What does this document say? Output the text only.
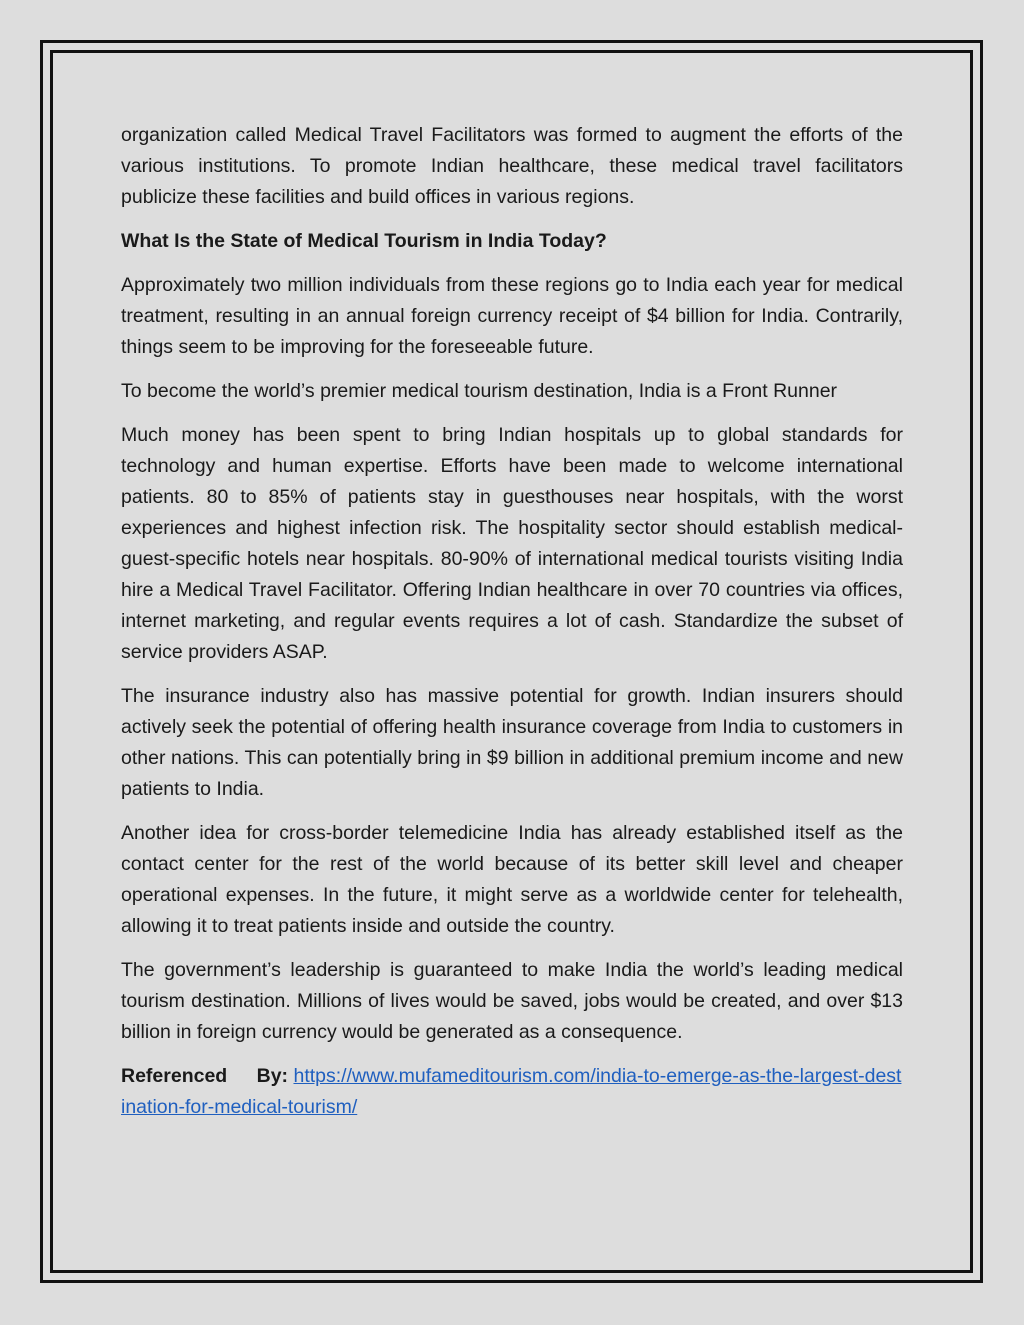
organization called Medical Travel Facilitators was formed to augment the efforts of the various institutions. To promote Indian healthcare, these medical travel facilitators publicize these facilities and build offices in various regions.

What Is the State of Medical Tourism in India Today?

Approximately two million individuals from these regions go to India each year for medical treatment, resulting in an annual foreign currency receipt of $4 billion for India. Contrarily, things seem to be improving for the foreseeable future.

To become the world’s premier medical tourism destination, India is a Front Runner

Much money has been spent to bring Indian hospitals up to global standards for technology and human expertise. Efforts have been made to welcome international patients. 80 to 85% of patients stay in guesthouses near hospitals, with the worst experiences and highest infection risk. The hospitality sector should establish medical-guest-specific hotels near hospitals. 80-90% of international medical tourists visiting India hire a Medical Travel Facilitator. Offering Indian healthcare in over 70 countries via offices, internet marketing, and regular events requires a lot of cash. Standardize the subset of service providers ASAP.

The insurance industry also has massive potential for growth. Indian insurers should actively seek the potential of offering health insurance coverage from India to customers in other nations. This can potentially bring in $9 billion in additional premium income and new patients to India.

Another idea for cross-border telemedicine India has already established itself as the contact center for the rest of the world because of its better skill level and cheaper operational expenses. In the future, it might serve as a worldwide center for telehealth, allowing it to treat patients inside and outside the country.

The government’s leadership is guaranteed to make India the world’s leading medical tourism destination. Millions of lives would be saved, jobs would be created, and over $13 billion in foreign currency would be generated as a consequence.

Referenced By: https://www.mufameditourism.com/india-to-emerge-as-the-largest-destination-for-medical-tourism/
